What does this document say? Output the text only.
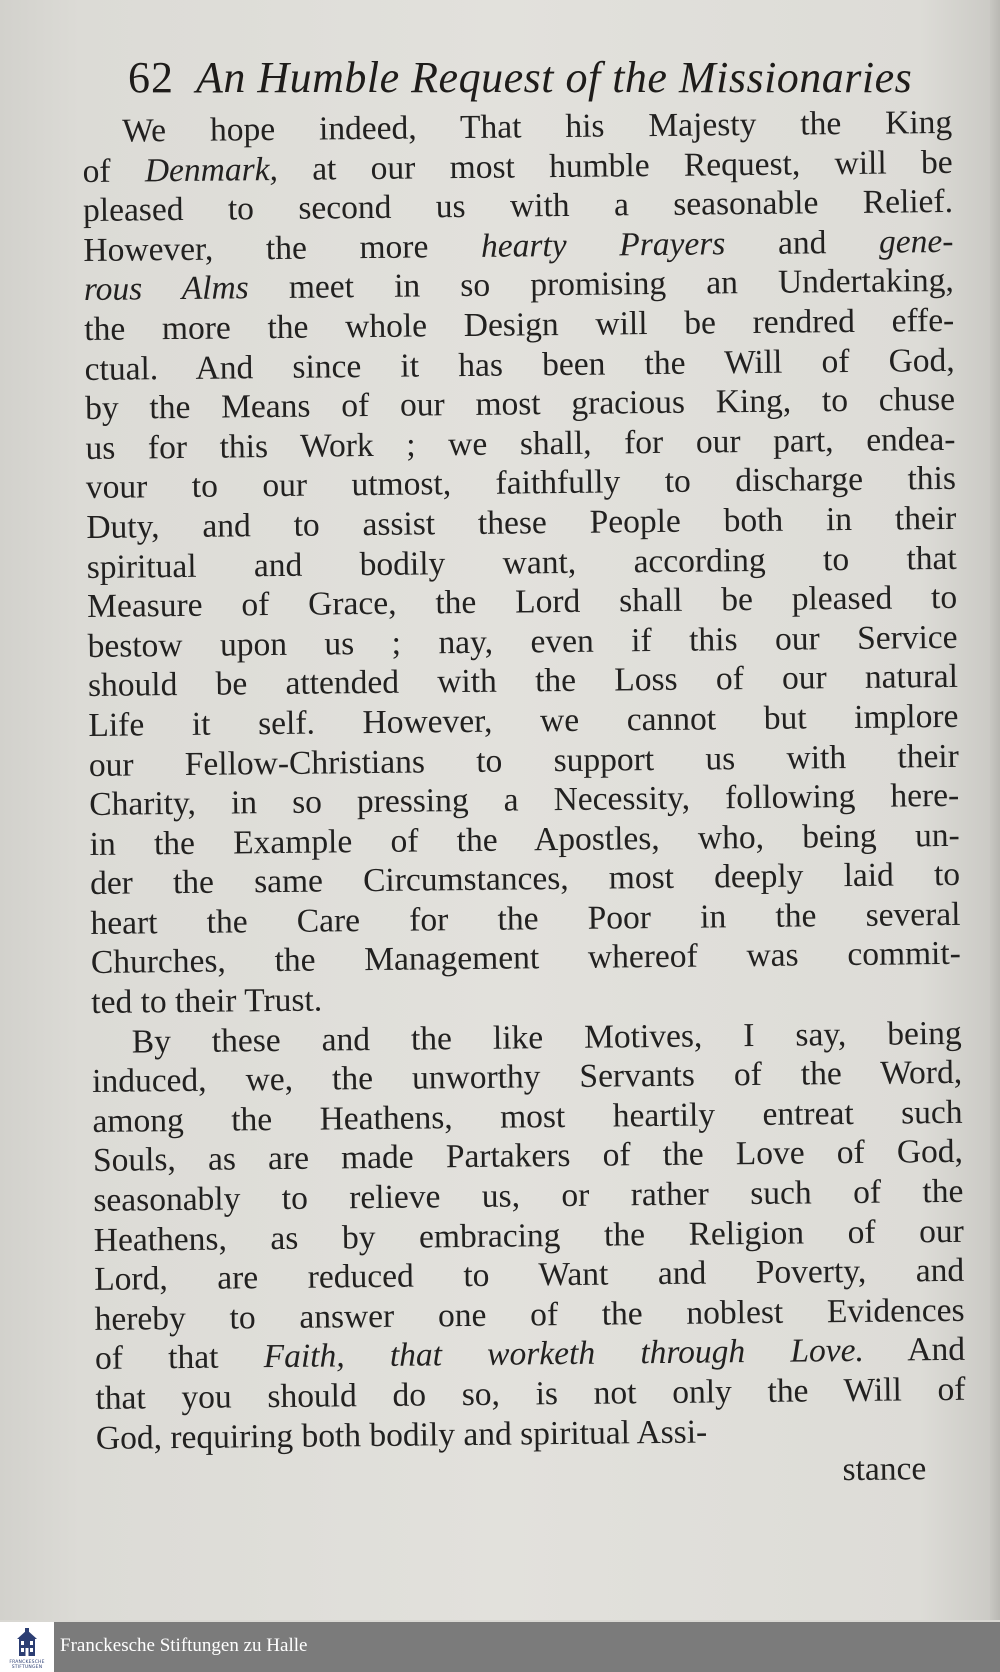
62 An Humble Request of the Missionaries
We hope indeed, That his Majesty the King
of Denmark, at our most humble Request, will be
pleased to second us with a seasonable Relief.
However, the more hearty Prayers and gene-
rous Alms meet in so promising an Undertaking,
the more the whole Design will be rendred effe-
ctual. And since it has been the Will of God,
by the Means of our most gracious King, to chuse
us for this Work ; we shall, for our part, endea-
vour to our utmost, faithfully to discharge this
Duty, and to assist these People both in their
spiritual and bodily want, according to that
Measure of Grace, the Lord shall be pleased to
bestow upon us ; nay, even if this our Service
should be attended with the Loss of our natural
Life it self. However, we cannot but implore
our Fellow-Christians to support us with their
Charity, in so pressing a Necessity, following here-
in the Example of the Apostles, who, being un-
der the same Circumstances, most deeply laid to
heart the Care for the Poor in the several
Churches, the Management whereof was commit-
ted to their Trust.
By these and the like Motives, I say, being
induced, we, the unworthy Servants of the Word,
among the Heathens, most heartily entreat such
Souls, as are made Partakers of the Love of God,
seasonably to relieve us, or rather such of the
Heathens, as by embracing the Religion of our
Lord, are reduced to Want and Poverty, and
hereby to answer one of the noblest Evidences
of that Faith, that worketh through Love. And
that you should do so, is not only the Will of
God, requiring both bodily and spiritual Assi-
stance
FRANCKESCHE STIFTUNGEN
Franckesche Stiftungen zu Halle
